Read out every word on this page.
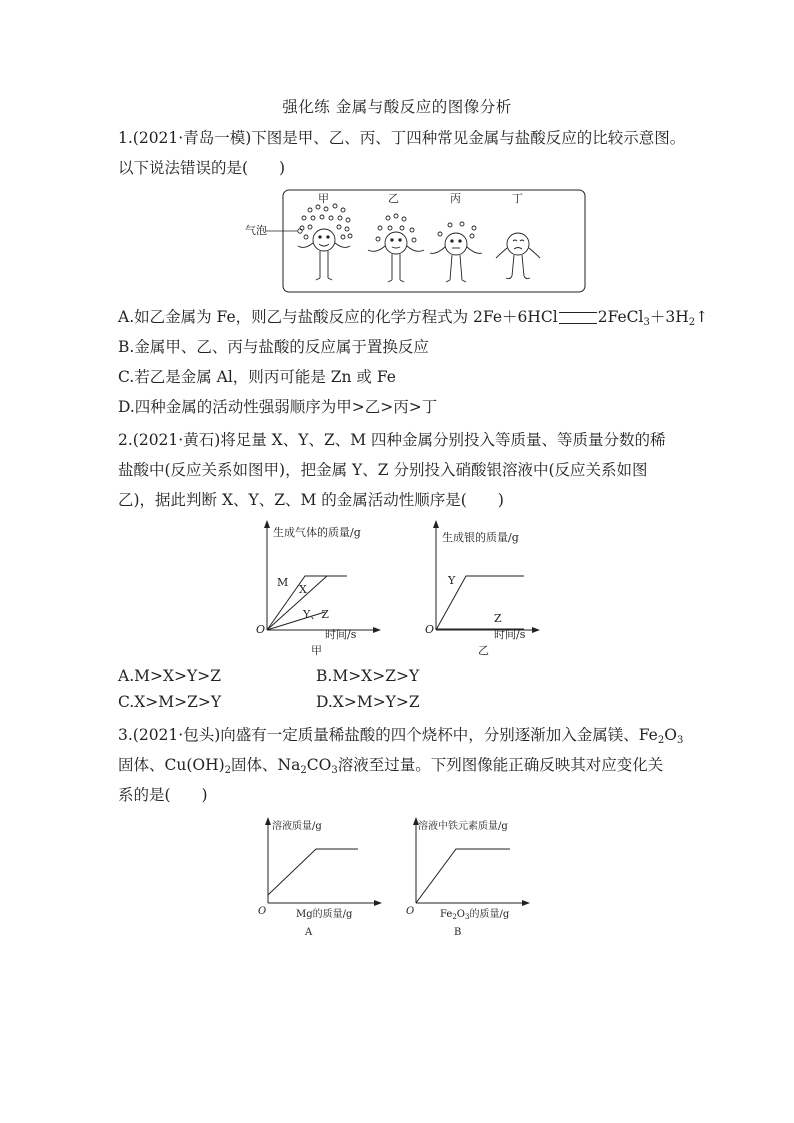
强化练 金属与酸反应的图像分析
1.(2021·青岛一模)下图是甲、乙、丙、丁四种常见金属与盐酸反应的比较示意图。
以下说法错误的是(　　)
气泡
甲	乙	丙	丁
A.如乙金属为 Fe，则乙与盐酸反应的化学方程式为 2Fe＋6HCl	$2FeCl_3+3H_2↑$
B.金属甲、乙、丙与盐酸的反应属于置换反应
C.若乙是金属 Al，则丙可能是 Zn 或 Fe
D.四种金属的活动性强弱顺序为甲>乙>丙>丁
2.(2021·黄石)将足量 X、Y、Z、M 四种金属分别投入等质量、等质量分数的稀
盐酸中(反应关系如图甲)，把金属 Y、Z 分别投入硝酸银溶液中(反应关系如图
乙)，据此判断 X、Y、Z、M 的金属活动性顺序是(　　)
生成气体的质量/g
O	时间/s
甲
M
X
Y、Z
生成银的质量/g
O	时间/s
乙
Y
Z
A.M>X>Y>Z	B.M>X>Z>Y
C.X>M>Z>Y	D.X>M>Y>Z
3.(2021·包头)向盛有一定质量稀盐酸的四个烧杯中，分别逐渐加入金属镁、$Fe_2O_3$
固体、$Cu(OH)_2$固体、$Na_2CO_3$溶液至过量。下列图像能正确反映其对应变化关
系的是(　　)
溶液质量/g
O	Mg的质量/g
A
溶液中铁元素质量/g
O	$Fe_2O_3$的质量/g
B
